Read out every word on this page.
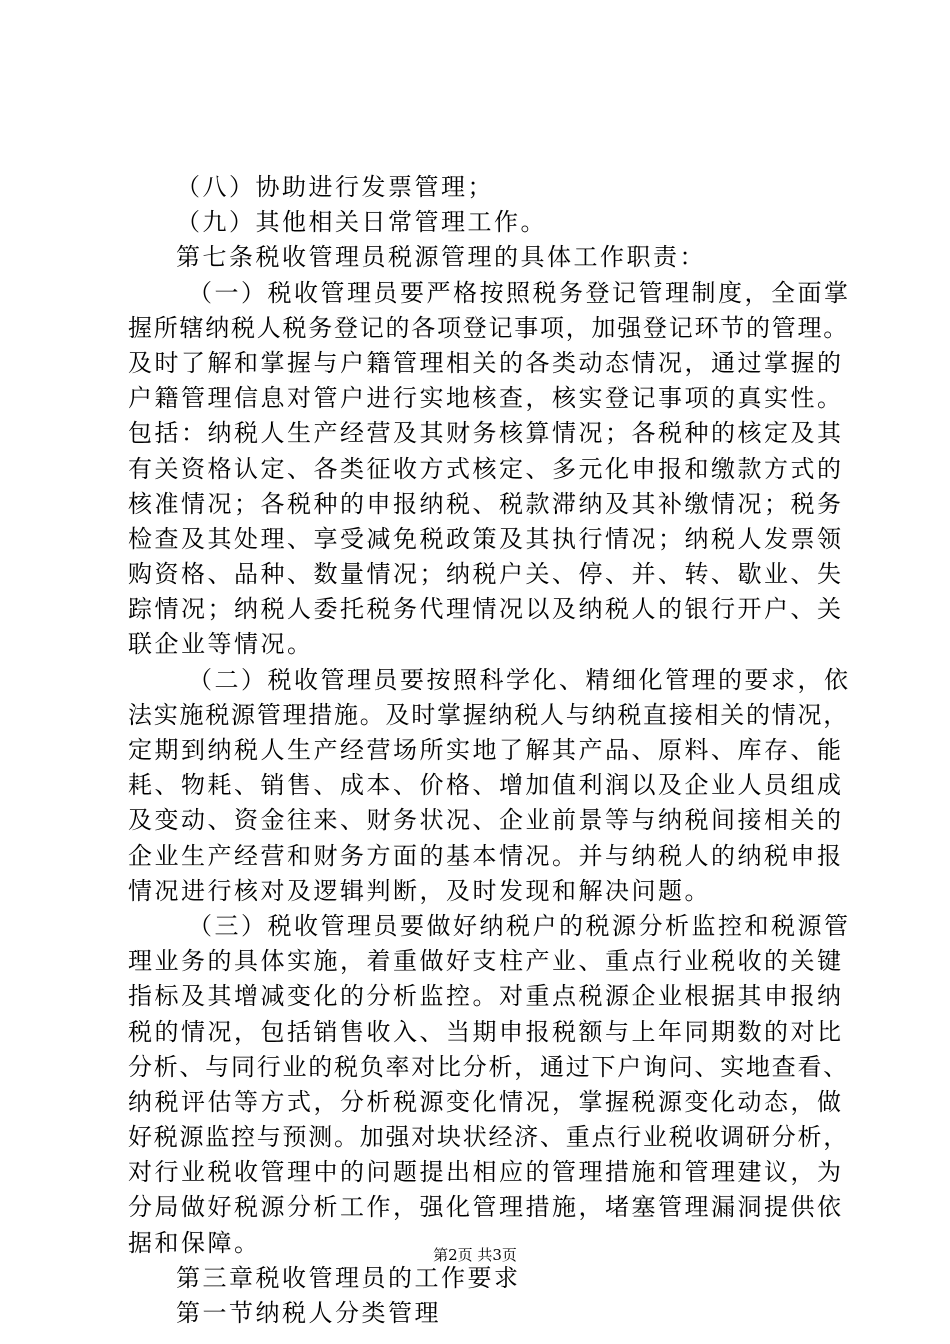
（八）协助进行发票管理；
（九）其他相关日常管理工作。
第七条税收管理员税源管理的具体工作职责：
（一）税收管理员要严格按照税务登记管理制度，全面掌
握所辖纳税人税务登记的各项登记事项，加强登记环节的管理。
及时了解和掌握与户籍管理相关的各类动态情况，通过掌握的
户籍管理信息对管户进行实地核查，核实登记事项的真实性。
包括：纳税人生产经营及其财务核算情况；各税种的核定及其
有关资格认定、各类征收方式核定、多元化申报和缴款方式的
核准情况；各税种的申报纳税、税款滞纳及其补缴情况；税务
检查及其处理、享受减免税政策及其执行情况；纳税人发票领
购资格、品种、数量情况；纳税户关、停、并、转、歇业、失
踪情况；纳税人委托税务代理情况以及纳税人的银行开户、关
联企业等情况。
（二）税收管理员要按照科学化、精细化管理的要求，依
法实施税源管理措施。及时掌握纳税人与纳税直接相关的情况，
定期到纳税人生产经营场所实地了解其产品、原料、库存、能
耗、物耗、销售、成本、价格、增加值利润以及企业人员组成
及变动、资金往来、财务状况、企业前景等与纳税间接相关的
企业生产经营和财务方面的基本情况。并与纳税人的纳税申报
情况进行核对及逻辑判断，及时发现和解决问题。
（三）税收管理员要做好纳税户的税源分析监控和税源管
理业务的具体实施，着重做好支柱产业、重点行业税收的关键
指标及其增减变化的分析监控。对重点税源企业根据其申报纳
税的情况，包括销售收入、当期申报税额与上年同期数的对比
分析、与同行业的税负率对比分析，通过下户询问、实地查看、
纳税评估等方式，分析税源变化情况，掌握税源变化动态，做
好税源监控与预测。加强对块状经济、重点行业税收调研分析，
对行业税收管理中的问题提出相应的管理措施和管理建议，为
分局做好税源分析工作，强化管理措施，堵塞管理漏洞提供依
据和保障。
第三章税收管理员的工作要求
第一节纳税人分类管理
第2页 共3页
